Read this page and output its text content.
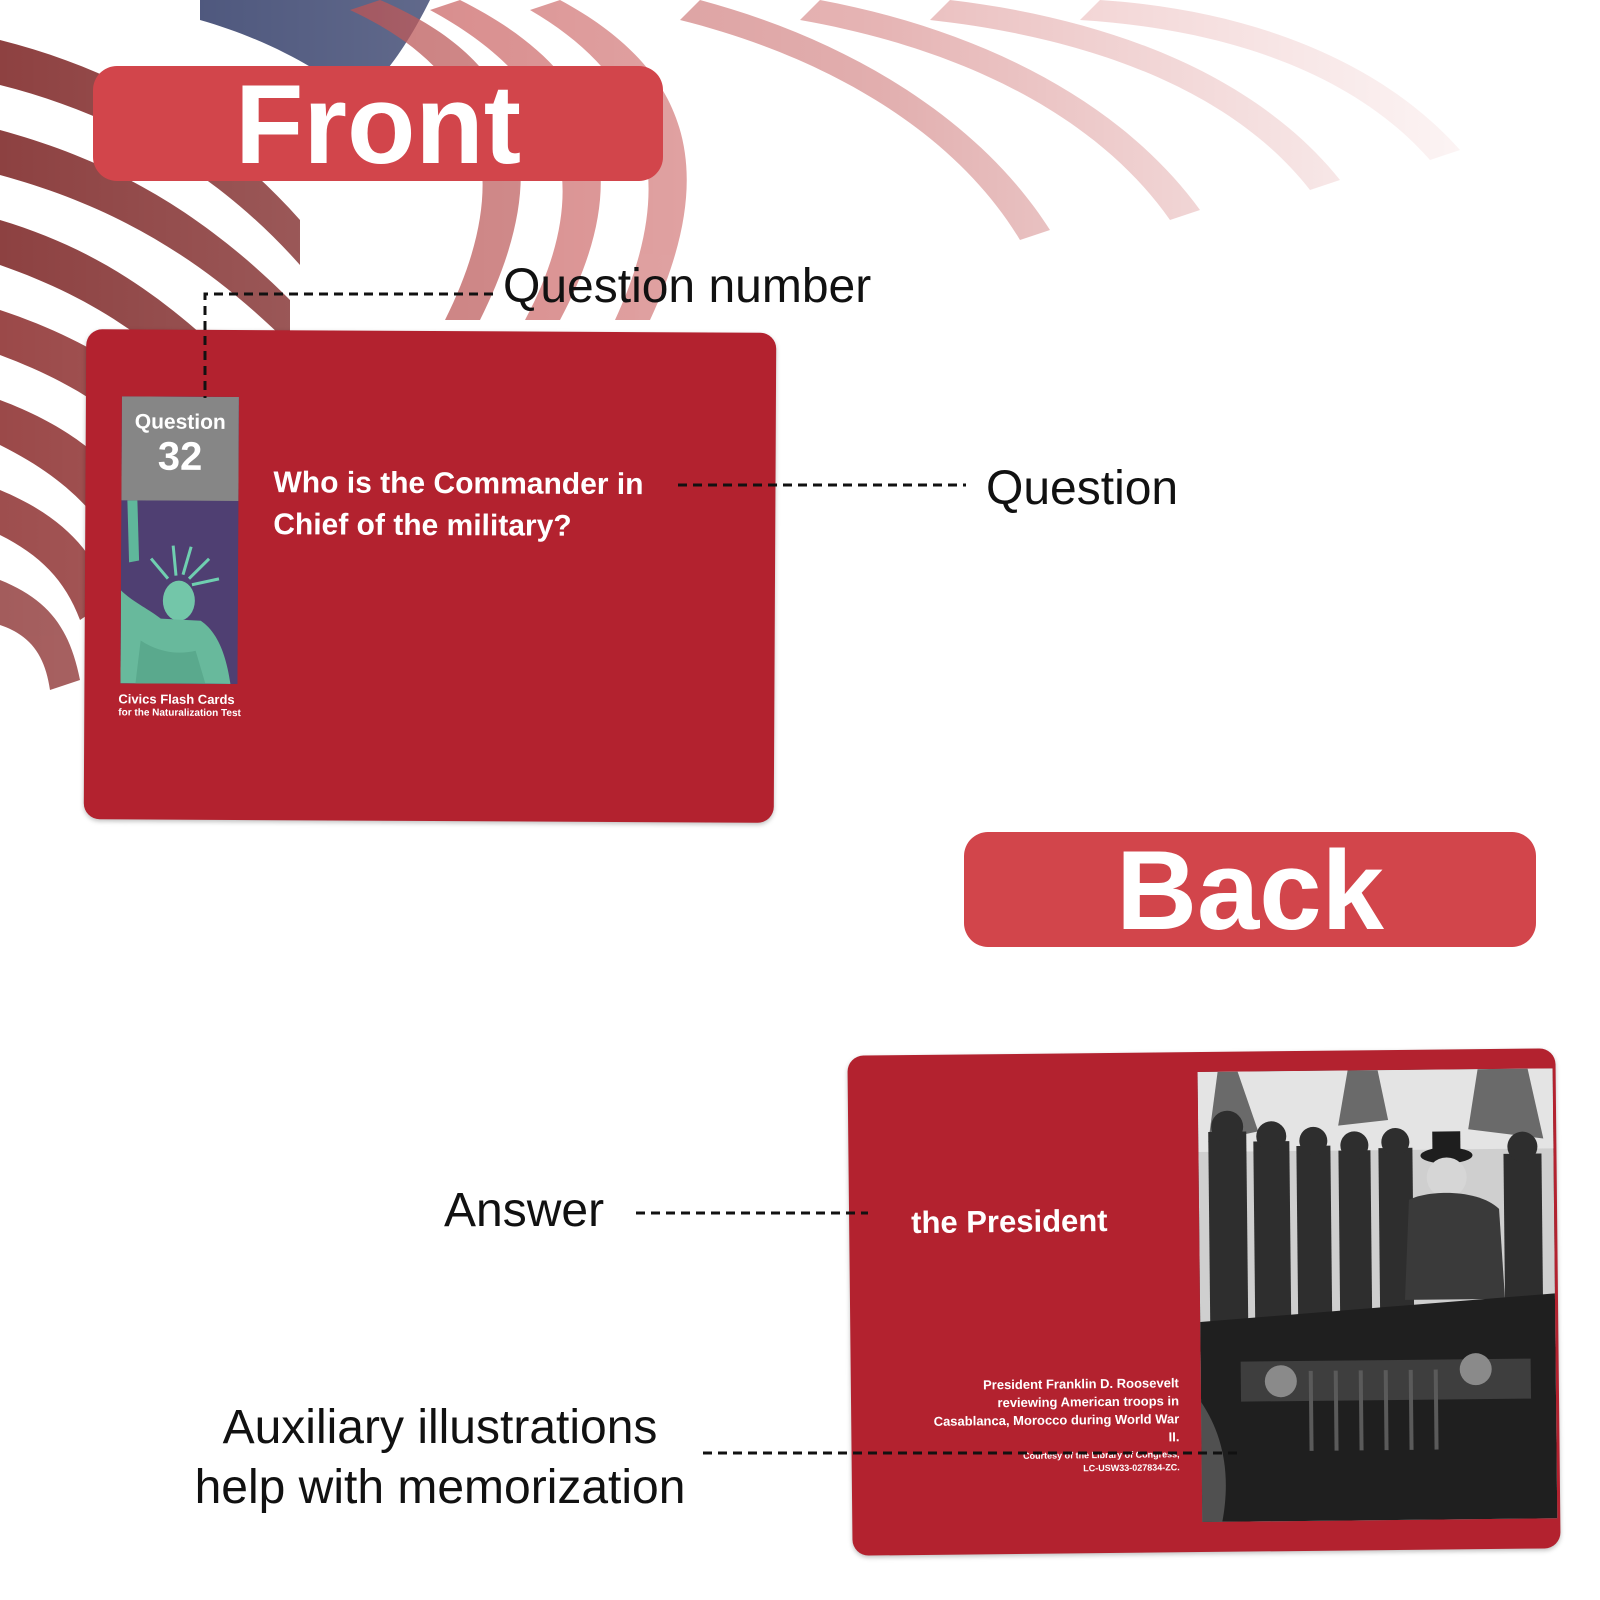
Front
Question
32
Civics Flash Cards
for the Naturalization Test
Who is the Commander in Chief of the military?
Back
the President
President Franklin D. Roosevelt reviewing American troops in Casablanca, Morocco during World War II.
Courtesy of the Library of Congress,
LC-USW33-027834-ZC.
Question number
Question
Answer
Auxiliary illustrations
help with memorization
